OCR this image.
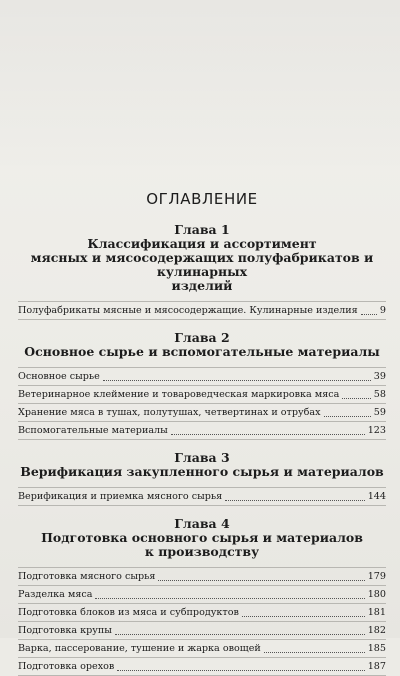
ОГЛАВЛЕНИЕ
Глава 1
Классификация и ассортимент
мясных и мясосодержащих полуфабрикатов и кулинарных
изделий
Полуфабрикаты мясные и мясосодержащие. Кулинарные изделия 9
Глава 2
Основное сырье и вспомогательные материалы
Основное сырье	39
Ветеринарное клеймение и товароведческая маркировка мяса	58
Хранение мяса в тушах, полутушах, четвертинах и отрубах	59
Вспомогательные материалы	123
Глава 3
Верификация закупленного сырья и материалов
Верификация и приемка мясного сырья	144
Глава 4
Подготовка основного сырья и материалов
к производству
Подготовка мясного сырья	179
Разделка мяса	180
Подготовка блоков из мяса и субпродуктов	181
Подготовка крупы	182
Варка, пассерование, тушение и жарка овощей	185
Подготовка орехов	187
